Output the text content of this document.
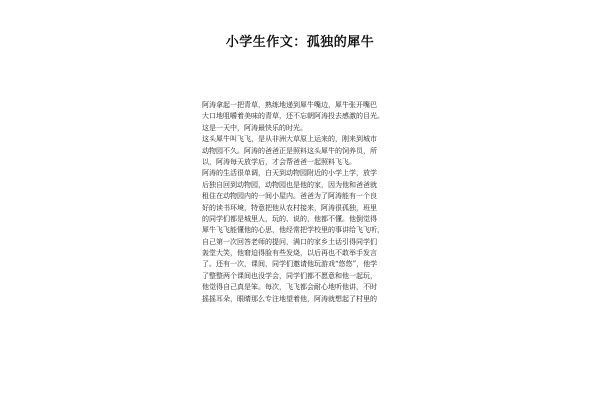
小学生作文：孤独的犀牛
阿涛拿起一把青草，熟练地递到犀牛嘴边，犀牛张开嘴巴
大口地咀嚼着美味的青草，还不忘朝阿涛投去感激的目光。
这是一天中，阿涛最快乐的时光。
这头犀牛叫飞飞，是从非洲大草原上运来的，刚来到城市
动物园不久。阿涛的爸爸正是照料这头犀牛的饲养员，所
以，阿涛每天放学后，才会帮爸爸一起照料飞飞。
阿涛的生活很单调，白天到动物园附近的小学上学，放学
后独自回到动物园，动物园也是他的家，因为他和爸爸就
租住在动物园内的一间小屋内。爸爸为了阿涛能有一个良
好的读书环境，特意把他从农村接来，阿涛很孤独，班里
的同学们都是城里人，玩的、说的，他都不懂。他倒觉得
犀牛飞飞能懂他的心思，他经常把学校里的事讲给飞飞听，
自己第一次回答老师的提问，满口的家乡土话引得同学们
轰堂大笑，他窘迫得脸有些发烧，以后再也不敢举手发言
了。还有一次，课间，同学们邀请他玩游戏“悠悠”，他学
了整整两个课间也没学会，同学们都不愿意和他一起玩，
他觉得自己真是笨。每次，飞飞都会耐心地听他讲，不时
摇摇耳朵，眼睛那么专注地望着他，阿涛就想起了村里的
